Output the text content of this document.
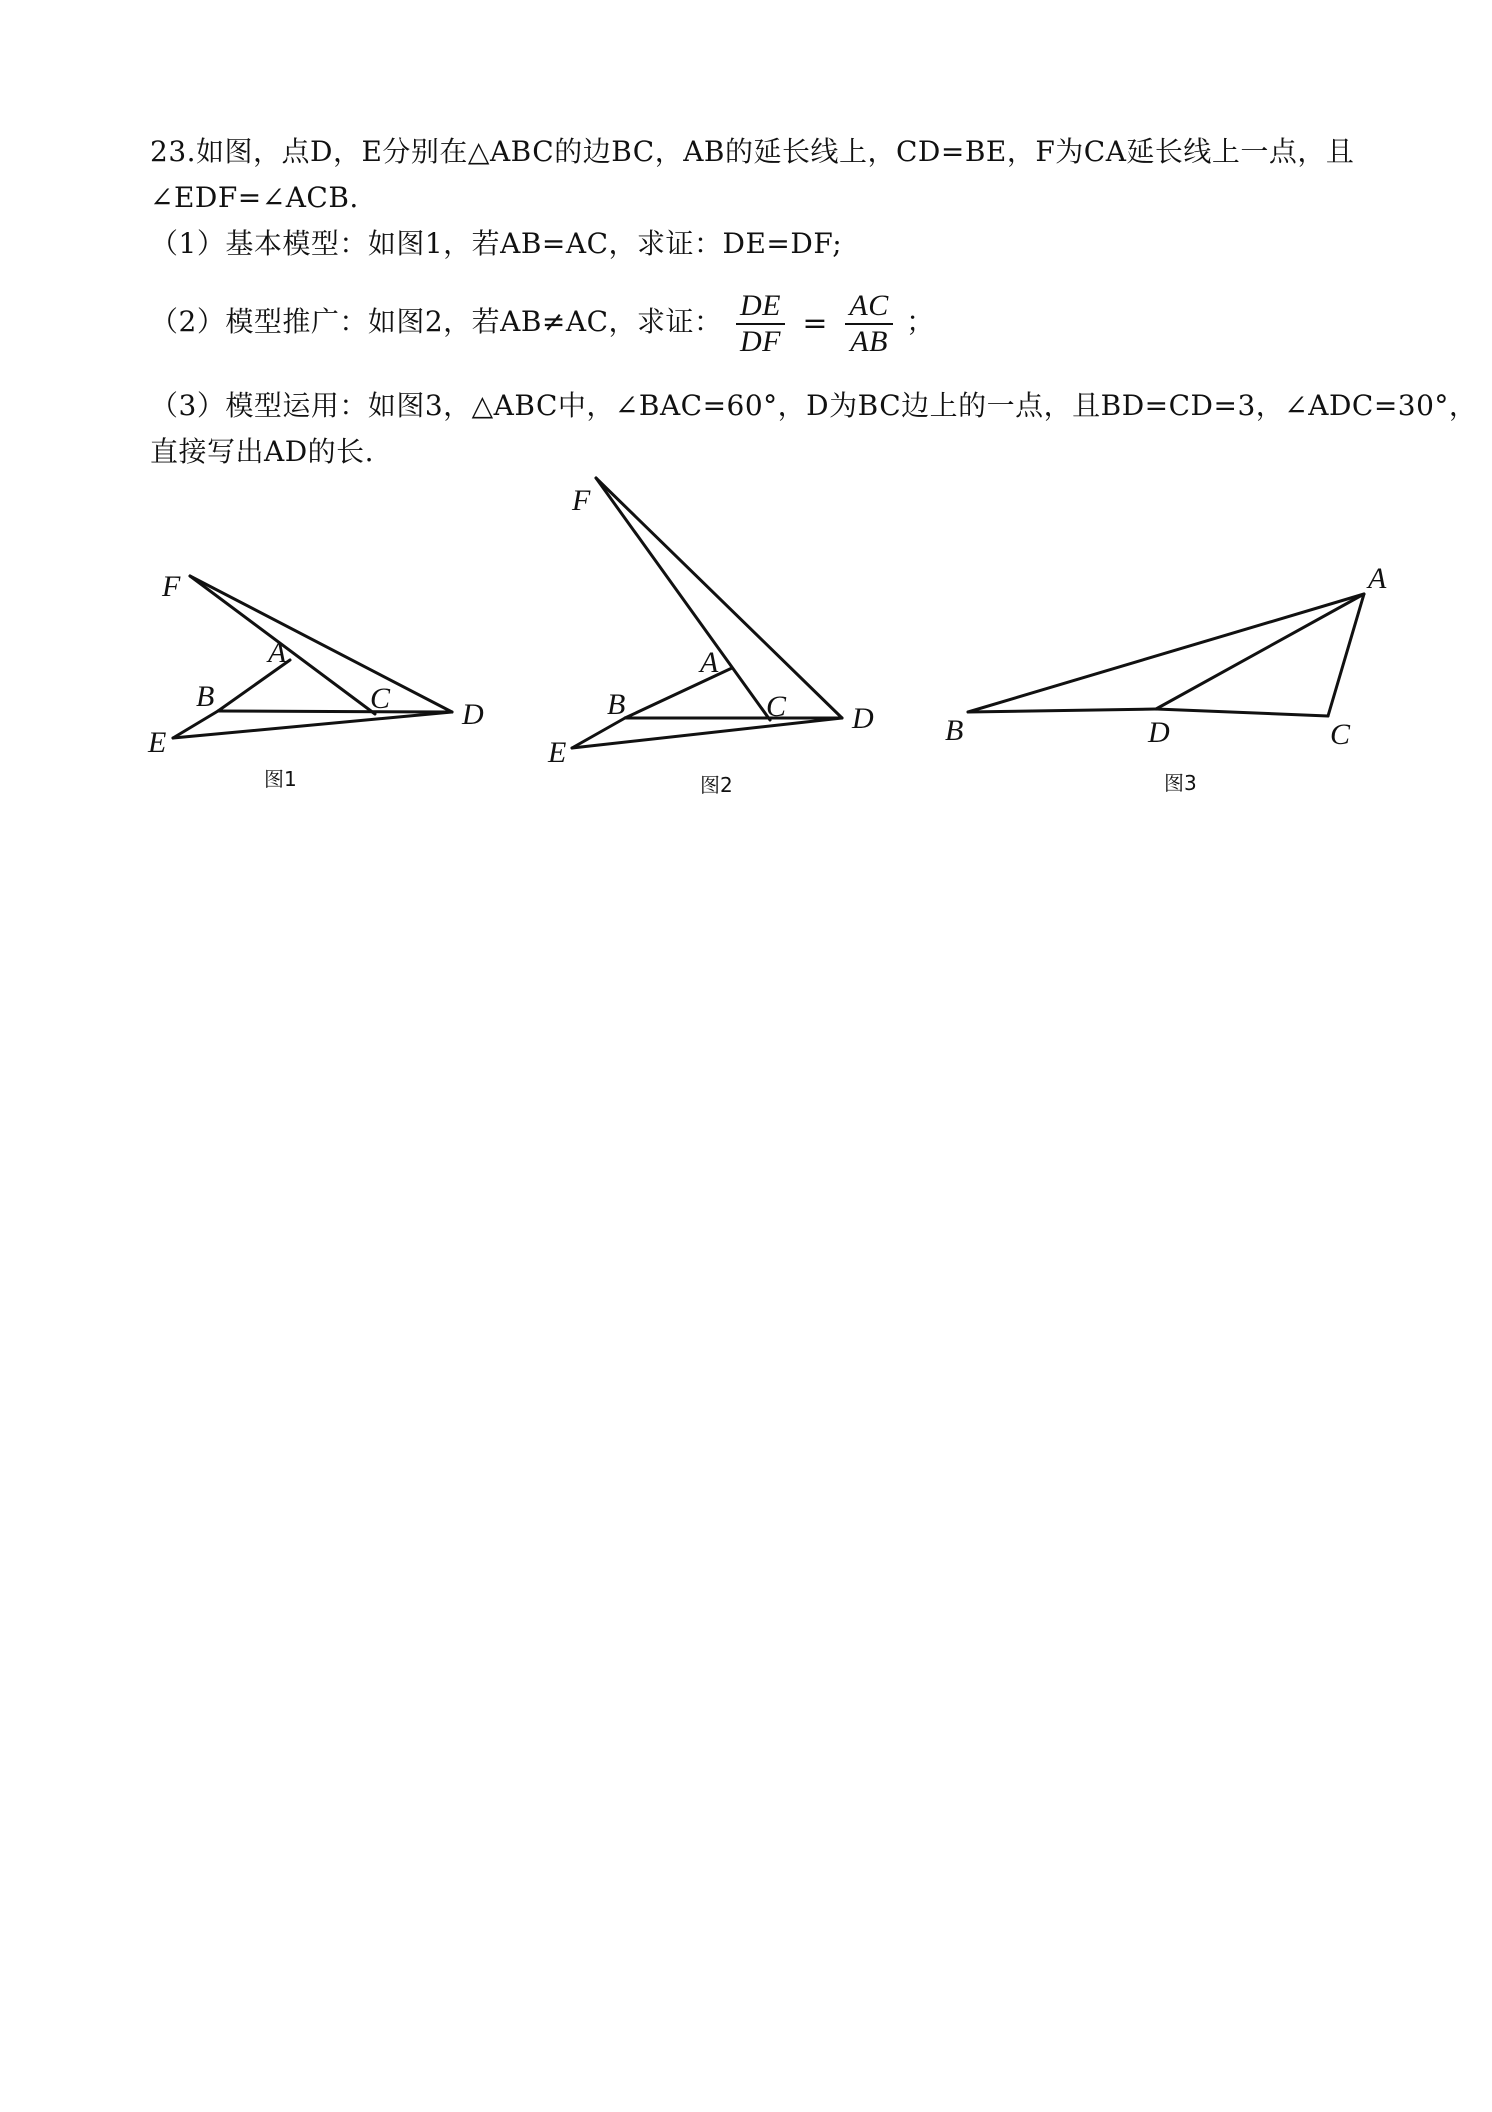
23.如图，点D，E分别在△ABC的边BC，AB的延长线上，CD=BE，F为CA延长线上一点，且
∠EDF=∠ACB.
（1）基本模型：如图1，若AB=AC，求证：DE=DF;
（2）模型推广：如图2，若AB≠AC，求证： $\frac{DE}{DF} = \frac{AC}{AB}$ ；
（3）模型运用：如图3，△ABC中，∠BAC=60°，D为BC边上的一点，且BD=CD=3，∠ADC=30°，
直接写出AD的长.
F
A
B	C D
E
图1
F
A
B	C D
E
图2
A
B	D	C
图3
